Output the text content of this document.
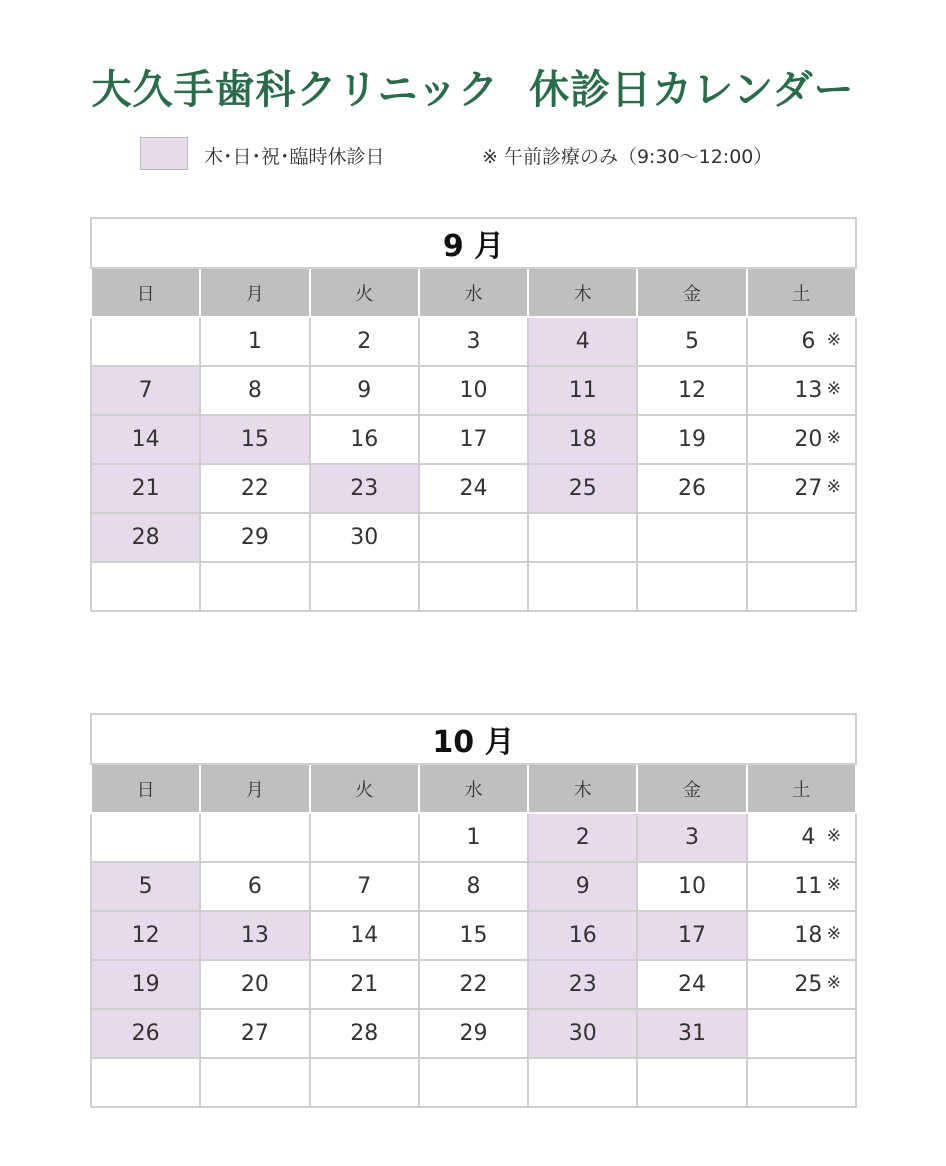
大久手歯科クリニック 休診日カレンダー
木･日･祝･臨時休診日	※ 午前診療のみ（9:30～12:00）
9 月						
日	月	火	水	木	金	土
	1	2	3	4	5	6 ※

7	8	9	10	11	12	13 ※

14	15	16	17	18	19	20 ※

21	22	23	24	25	26	27 ※

28	29	30				

10 月						
日	月	火	水	木	金	土
			1	2	3	4 ※

5	6	7	8	9	10	11 ※

12	13	14	15	16	17	18 ※

19	20	21	22	23	24	25 ※

26	27	28	29	30	31	
